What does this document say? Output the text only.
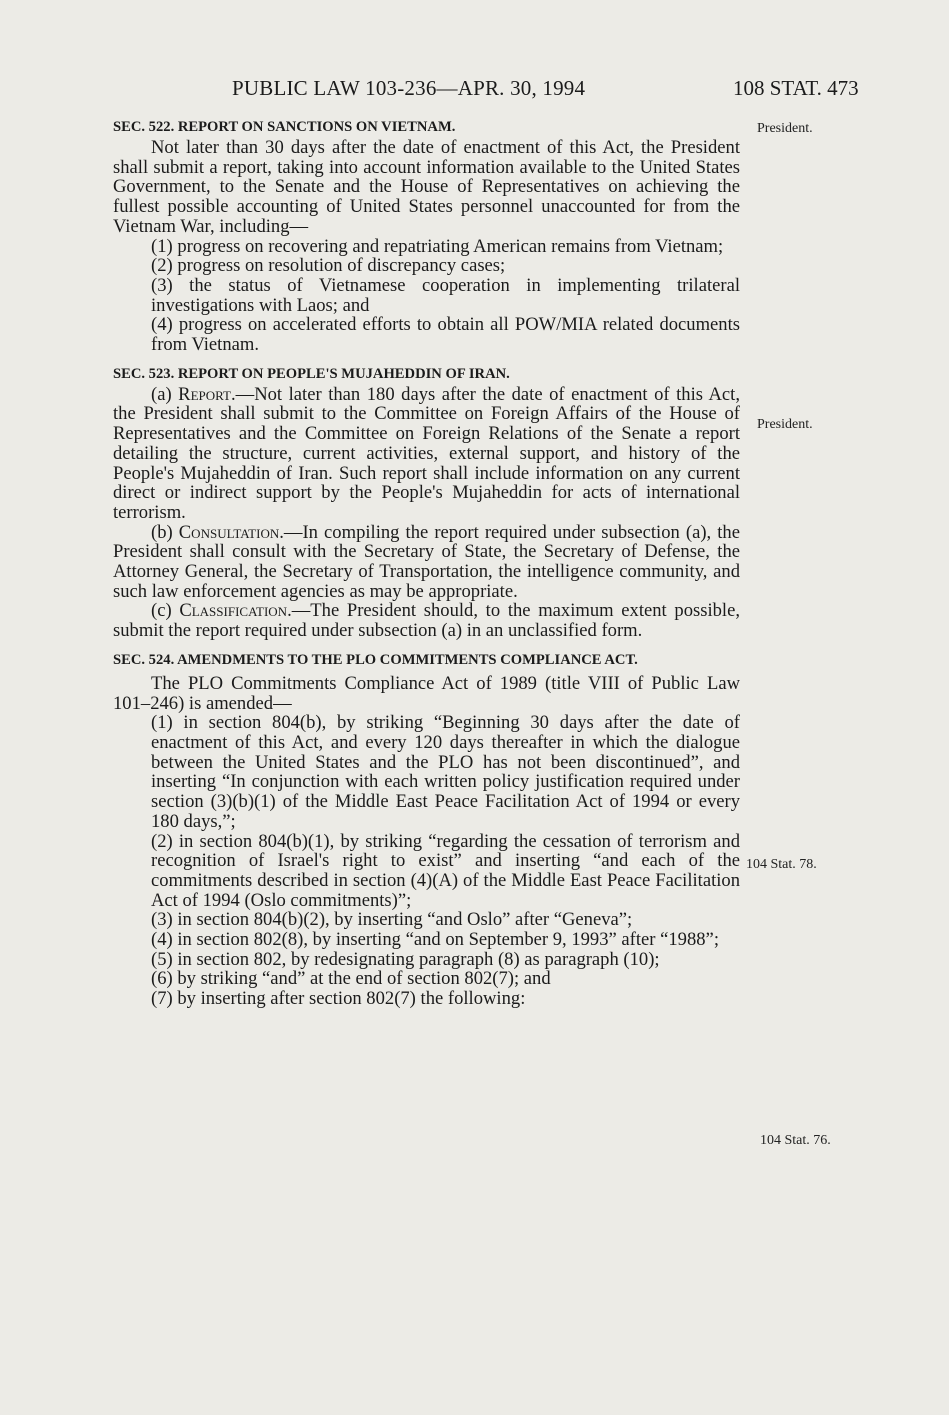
PUBLIC LAW 103-236—APR. 30, 1994	108 STAT. 473
President.
President.
104 Stat. 78.
104 Stat. 76.
SEC. 522. REPORT ON SANCTIONS ON VIETNAM.

Not later than 30 days after the date of enactment of this Act, the President shall submit a report, taking into account information available to the United States Government, to the Senate and the House of Representatives on achieving the fullest possible accounting of United States personnel unaccounted for from the Vietnam War, including—

(1) progress on recovering and repatriating American remains from Vietnam;

(2) progress on resolution of discrepancy cases;

(3) the status of Vietnamese cooperation in implementing trilateral investigations with Laos; and

(4) progress on accelerated efforts to obtain all POW/MIA related documents from Vietnam.

SEC. 523. REPORT ON PEOPLE'S MUJAHEDDIN OF IRAN.

(a) Report.—Not later than 180 days after the date of enactment of this Act, the President shall submit to the Committee on Foreign Affairs of the House of Representatives and the Committee on Foreign Relations of the Senate a report detailing the structure, current activities, external support, and history of the People's Mujaheddin of Iran. Such report shall include information on any current direct or indirect support by the People's Mujaheddin for acts of international terrorism.

(b) Consultation.—In compiling the report required under subsection (a), the President shall consult with the Secretary of State, the Secretary of Defense, the Attorney General, the Secretary of Transportation, the intelligence community, and such law enforcement agencies as may be appropriate.

(c) Classification.—The President should, to the maximum extent possible, submit the report required under subsection (a) in an unclassified form.

SEC. 524. AMENDMENTS TO THE PLO COMMITMENTS COMPLIANCE ACT.

The PLO Commitments Compliance Act of 1989 (title VIII of Public Law 101–246) is amended—

(1) in section 804(b), by striking “Beginning 30 days after the date of enactment of this Act, and every 120 days thereafter in which the dialogue between the United States and the PLO has not been discontinued”, and inserting “In conjunction with each written policy justification required under section (3)(b)(1) of the Middle East Peace Facilitation Act of 1994 or every 180 days,”;

(2) in section 804(b)(1), by striking “regarding the cessation of terrorism and recognition of Israel's right to exist” and inserting “and each of the commitments described in section (4)(A) of the Middle East Peace Facilitation Act of 1994 (Oslo commitments)”;

(3) in section 804(b)(2), by inserting “and Oslo” after “Geneva”;

(4) in section 802(8), by inserting “and on September 9, 1993” after “1988”;

(5) in section 802, by redesignating paragraph (8) as paragraph (10);

(6) by striking “and” at the end of section 802(7); and

(7) by inserting after section 802(7) the following:
